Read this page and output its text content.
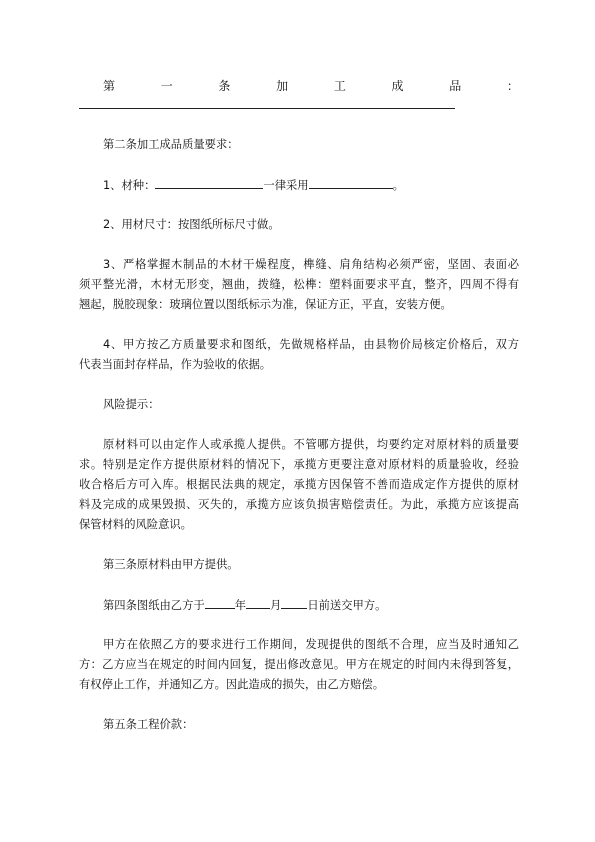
第	一	条	加	工	成	品	：
第二条加工成品质量要求：
1、材种：	一律采用	。
2、用材尺寸：按图纸所标尺寸做。
3、严格掌握木制品的木材干燥程度，榫缝、肩角结构必须严密，坚固、表面必
须平整光滑，木材无形变，翘曲，拨缝，松榫：塑料面要求平直，整齐，四周不得有
翘起，脱胶现象：玻璃位置以图纸标示为准，保证方正，平直，安装方便。
4、甲方按乙方质量要求和图纸，先做规格样品，由县物价局核定价格后，双方
代表当面封存样品，作为验收的依据。
风险提示：
原材料可以由定作人或承揽人提供。不管哪方提供，均要约定对原材料的质量要
求。特别是定作方提供原材料的情况下，承揽方更要注意对原材料的质量验收，经验
收合格后方可入库。根据民法典的规定，承揽方因保管不善而造成定作方提供的原材
料及完成的成果毁损、灭失的，承揽方应该负损害赔偿责任。为此，承揽方应该提高
保管材料的风险意识。
第三条原材料由甲方提供。
第四条图纸由乙方于	年 月 日前送交甲方。
甲方在依照乙方的要求进行工作期间，发现提供的图纸不合理，应当及时通知乙
方：乙方应当在规定的时间内回复，提出修改意见。甲方在规定的时间内未得到答复，
有权停止工作，并通知乙方。因此造成的损失，由乙方赔偿。
第五条工程价款：
